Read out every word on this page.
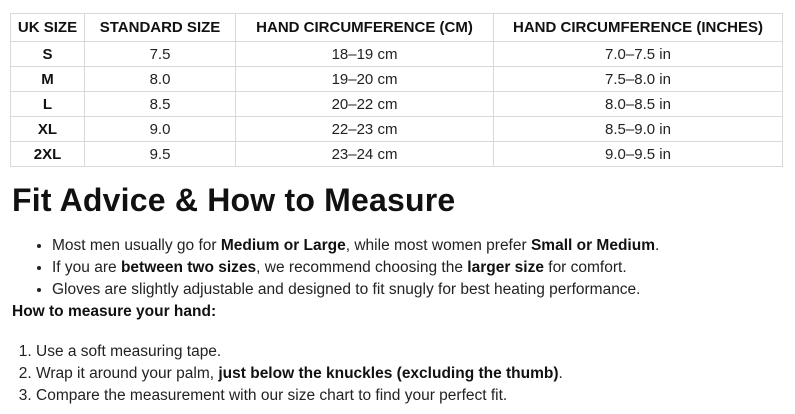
UK SIZE	STANDARD SIZE	HAND CIRCUMFERENCE (CM)	HAND CIRCUMFERENCE (INCHES)
S	7.5	18–19 cm	7.0–7.5 in
M	8.0	19–20 cm	7.5–8.0 in
L	8.5	20–22 cm	8.0–8.5 in
XL	9.0	22–23 cm	8.5–9.0 in
2XL	9.5	23–24 cm	9.0–9.5 in
Fit Advice & How to Measure
• Most men usually go for Medium or Large, while most women prefer Small or Medium.
• If you are between two sizes, we recommend choosing the larger size for comfort.
• Gloves are slightly adjustable and designed to fit snugly for best heating performance.
How to measure your hand:
1. Use a soft measuring tape.
2. Wrap it around your palm, just below the knuckles (excluding the thumb).
3. Compare the measurement with our size chart to find your perfect fit.
